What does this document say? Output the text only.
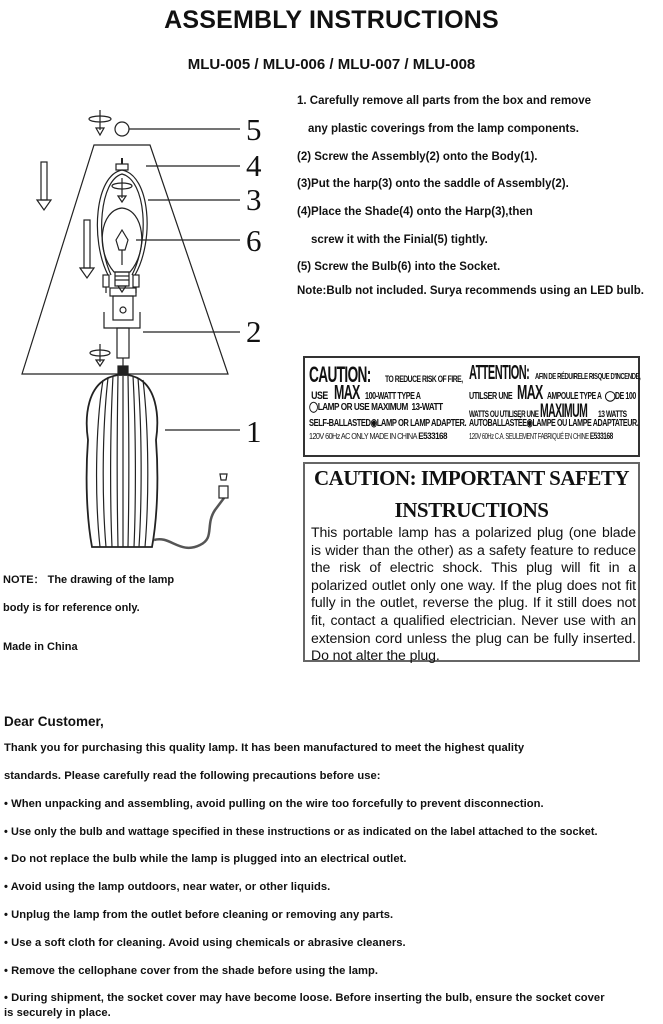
ASSEMBLY INSTRUCTIONS
MLU-005 / MLU-006 / MLU-007 / MLU-008
5
4
3
6
2
1
1. Carefully remove all parts from the box and remove
any plastic coverings from the lamp components.
(2) Screw the Assembly(2) onto the Body(1).
(3)Put the harp(3) onto the saddle of Assembly(2).
(4)Place the Shade(4) onto the Harp(3),then
screw it with the Finial(5) tightly.
(5) Screw the Bulb(6) into the Socket.
Note:Bulb not included. Surya recommends using an LED bulb.
CAUTION: TO REDUCE RISK OF FIRE,
USE MAX 100-WATT TYPE A
◯LAMP OR USE MAXIMUM 13-WATT
SELF-BALLASTED◉LAMP OR LAMP ADAPTER.
120V 60Hz AC ONLY MADE IN CHINA E533168
ATTENTION: AFIN DE RÉDUIRELE RISQUE D'INCENDE,
UTILSER UNE MAX AMPOULE TYPE A ◯DE 100
WATTS OU UTILISER UNEMAXIMUM 13 WATTS
AUTOBALLASTÉE◉LAMPE OU LAMPE ADAPTATEUR.
120V 60Hz C.A. SEULEMENT FABRIQUÉ EN CHINE E533168
CAUTION: IMPORTANT SAFETY
INSTRUCTIONS
This portable lamp has a polarized plug (one blade is wider than the other) as a safety feature to reduce the risk of electric shock. This plug will fit in a polarized outlet only one way. If the plug does not fit fully in the outlet, reverse the plug. If it still does not fit, contact a qualified electrician. Never use with an extension cord unless the plug can be fully inserted. Do not alter the plug.
NOTE： The drawing of the lamp
body is for reference only.
Made in China
Dear Customer,
Thank you for purchasing this quality lamp. It has been manufactured to meet the highest quality
standards. Please carefully read the following precautions before use:
• When unpacking and assembling, avoid pulling on the wire too forcefully to prevent disconnection.
• Use only the bulb and wattage specified in these instructions or as indicated on the label attached to the socket.
• Do not replace the bulb while the lamp is plugged into an electrical outlet.
• Avoid using the lamp outdoors, near water, or other liquids.
• Unplug the lamp from the outlet before cleaning or removing any parts.
• Use a soft cloth for cleaning. Avoid using chemicals or abrasive cleaners.
• Remove the cellophane cover from the shade before using the lamp.
• During shipment, the socket cover may have become loose. Before inserting the bulb, ensure the socket cover
is securely in place.
